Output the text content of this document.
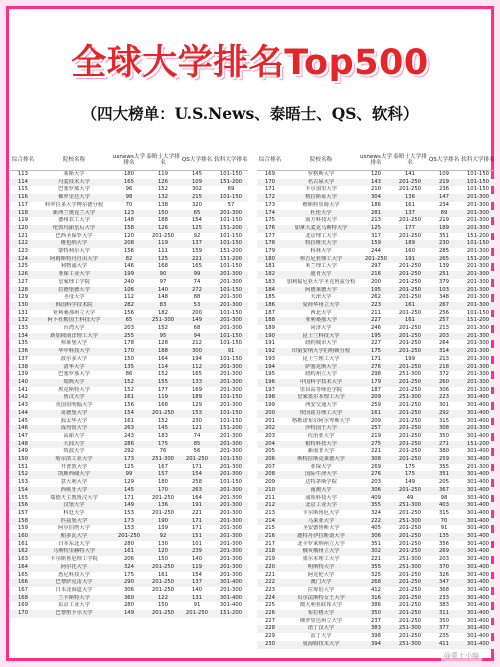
全球大学排名Top500
（四大榜单：U.S.News、泰晤士、QS、软科）
综合排名	院校名称	usnews大学排名	泰晤士大学排名	QS大学排名	软科大学排名
113	莱斯大学	180	119	145	101-150
114	丹麦技术大学	165	126	109	151-200
115	巴塞罗那大学	96	152	302	69
116	佛罗里达大学	98	132	215	101-150
117	科罗拉多大学博尔德分校	70	138	320	57
118	新西兰奥克兰大学	123	150	65	201-300
119	德州农工大学	148	188	154	101-150
120	伦敦玛丽皇后大学	158	126	125	151-200
121	巴西圣保罗大学	120	201-250	92	101-150
122	维也纳大学	208	119	137	101-150
123	蒙特利尔大学	156	111	159	151-200
124	阿姆斯特丹自由大学	82	125	221	151-200
125	利物浦大学	146	168	165	101-150
126	亚琛工业大学	199	90	99	201-300
127	皇家理工学院	240	97	74	201-300
128	拉德堡德大学	106	140	272	101-150
129	圣母大学	112	148	88	201-300
130	韩国科学技术院	282	83	53	201-300
131	亚利桑那州立大学	156	182	200	101-150
132	阿卜杜勒国王科技大学	65	251-300	149	201-300
133	台湾大学	203	152	68	201-300
134	新加坡南洋理工大学	255	95	94	101-150
135	弗莱堡大学	178	128	212	101-150
136	华中科技大学	170	188	300	91
137	波尔多大学	150	164	194	101-150
138	清华大学	135	114	112	201-300
139	巴塞罗那大学	86	152	165	201-300
140	瑞典大学	152	155	133	201-300
141	埃克斯特大学	152	177	169	201-300
142	鲁汶大学	161	119	189	101-150
143	英国伯明翰大学	156	168	129	201-300
144	哥德堡大学	154	201-250	153	101-150
145	渥太华大学	161	152	230	101-150
146	成均馆大学	263	145	121	151-200
147	高丽大学	243	183	74	201-300
148	大邱大学	286	175	85	201-300
149	筑波大学	292	76	56	201-300
150	哈尔滨工业大学	173	251-300	201-250	101-150
151	开普敦大学	125	167	171	201-300
152	凯斯西储大学	99	157	154	201-300
153	意大利大学	129	180	258	101-150
154	西班牙大学	145	170	263	201-300
155	瑞德天主教鲁汶大学	171	201-250	164	201-300
156	汉堡大学	149	136	191	201-300
157	科廷大学	153	201-250	221	201-300
158	匹兹堡大学	173	190	171	201-300
159	阿尔伯塔大学	153	139	171	201-300
160	帕多瓦大学	201-250	92	151	201-300
161	日本东北大学	280	130	101	201-300
162	马斯特里赫特大学	161	120	239	201-300
163	卡尔斯鲁厄理工学院	206	150	140	201-300
164	阿尔托大学	324	201-250	119	201-300
165	悉尼科技大学	175	161	154	201-300
166	巴黎萨克雷大学	290	201-250	137	301-400
167	日本北海道大学	306	201-250	140	201-300
168	兰卡斯特大学	360	122	131	301-400
169	东京工业大学	280	150	91	301-400
170	巴黎笛卡尔大学	149	201-250	201-250	151-200
综合排名	院校名称	usnews大学排名	泰晤士大学排名	QS大学排名	软科大学排名
169	罗格斯大学	120	141	109	101-150
170	名古屋大学	143	201-250	219	101-150
171	卡尔加里大学	210	201-250	236	101-150
172	格拉斯哥大学	304	136	147	201-300
173	维斯特里姆大学	186	161	234	201-300
174	杜伦大学	281	137	89	201-300
175	南方科技大学	213	201-250	219	201-300
176	加拿大麦克马斯特大学	125	177	189	201-300
177	北京理工大学	317	201-250	351	151-200
178	特拉维夫大学	159	189	230	101-150
179	科林大学	244	160	285	201-300
180	弗吉尼亚理工大学	201-250	191	265	151-200
181	米兰理工大学	297	201-250	139	201-300
182	迪肯大学	216	201-250	251	201-300
183	加利福尼亚大学圣克鲁兹分校	200	201-250	379	201-300
184	阿德莱德大学	195	201-250	103	201-300
185	天津大学	262	201-250	348	201-300
186	爱荷华州立大学	223	161	267	201-300
187	西北大学	211	201-250	256	101-150
188	亚利桑那大学	227	161	257	151-200
189	同济大学	246	201-250	213	201-300
190	昆士兰科技大学	195	201-250	203	201-300
191	纽约城市大学	227	201-250	264	201-300
192	印第安纳大学伯明顿分校	175	201-250	314	201-300
193	昆士兰理工大学	171	199	213	201-300
194	萨塞克斯大学	276	201-250	218	201-300
195	纽约州立大学	298	251-300	372	201-300
196	中国科学技术大学	179	201-250	260	201-300
197	里昂高等师范学院	187	201-250	306	201-300
198	皇家墨尔本理工大学	209	251-300	223	301-400
199	西安交通大学	259	201-250	301	301-400
200	埃因霍芬理工大学	161	201-250	292	301-400
201	格勒诺布尔阿尔卑斯大学	209	201-250	315	301-400
202	沙特国王大学	257	201-250	308	201-300
203	佐治亚大学	219	201-250	350	301-400
204	根特科技大学	275	201-250	271	151-200
205	新南非大学	221	201-250	380	301-400
206	斯特拉斯克莱德大学	308	201-250	259	301-400
207	亚琛大学	269	175	355	201-300
208	国际牛津大学	276	175	351	301-400
209	达特茅斯学院	203	149	205	301-400
210	南澳大学	306	201-250	367	301-400
211	浦项科技大学	409	49	98	301-400
212	北京工业大学	355	251-300	403	301-400
213	卡尔斯鲁厄大学	324	201-250	315	301-400
214	马来亚大学	222	251-300	70	301-400
215	圣安德鲁斯大学	405	201-250	91	301-400
216	鹿特丹伊拉斯谟大学	306	201-250	135	301-400
217	北卡罗来纳州立大学	351	201-250	356	301-400
218	俄亥俄州立大学	302	201-250	269	301-400
219	墨尔本理工大学	221	251-300	203	301-400
220	明斯特大学	355	251-300	370	301-400
221	阿克伦大学	325	201-250	326	301-400
222	澳门大学	268	201-250	347	301-400
223	拉筹伯大学	412	201-250	368	301-400
224	贝尔法斯特女王大学	316	201-250	233	301-400
225	澳大利亚联邦大学	386	201-250	383	301-400
226	布拉格大学	350	201-250	311	301-400
227	佛罗里达州立大学	237	201-250	350	301-400
228	诺丁汉大学	383	251-300	377	301-400
229	雷丁大学	398	201-250	235	301-400
230	曼海姆技术大学	394	251-300	411	301-400
@蒙士小编
